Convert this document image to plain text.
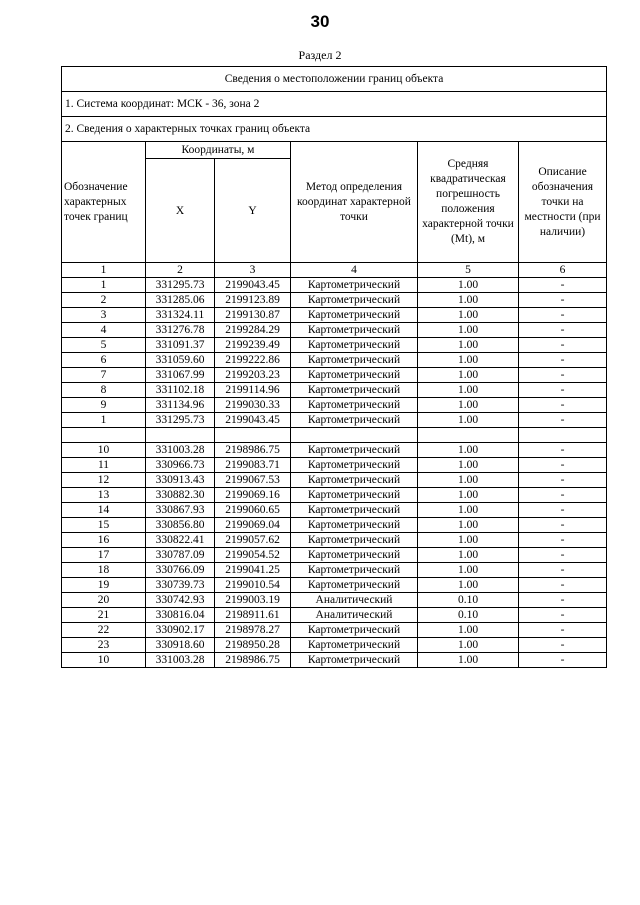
30
Раздел 2
Сведения о местоположении границ объекта					
1. Система координат: МСК - 36, зона 2					
2. Сведения о характерных точках границ объекта					
Обозначение характерных точек границ	Координаты, м		Метод определения координат характерной точки	Средняя квадратическая погрешность положения характерной точки (Mt), м	Описание обозначения точки на местности (при наличии)
	X	Y			
1	2	3	4	5	6
1	331295.73	2199043.45	Картометрический	1.00	-
2	331285.06	2199123.89	Картометрический	1.00	-
3	331324.11	2199130.87	Картометрический	1.00	-
4	331276.78	2199284.29	Картометрический	1.00	-
5	331091.37	2199239.49	Картометрический	1.00	-
6	331059.60	2199222.86	Картометрический	1.00	-
7	331067.99	2199203.23	Картометрический	1.00	-
8	331102.18	2199114.96	Картометрический	1.00	-
9	331134.96	2199030.33	Картометрический	1.00	-
1	331295.73	2199043.45	Картометрический	1.00	-

10	331003.28	2198986.75	Картометрический	1.00	-
11	330966.73	2199083.71	Картометрический	1.00	-
12	330913.43	2199067.53	Картометрический	1.00	-
13	330882.30	2199069.16	Картометрический	1.00	-
14	330867.93	2199060.65	Картометрический	1.00	-
15	330856.80	2199069.04	Картометрический	1.00	-
16	330822.41	2199057.62	Картометрический	1.00	-
17	330787.09	2199054.52	Картометрический	1.00	-
18	330766.09	2199041.25	Картометрический	1.00	-
19	330739.73	2199010.54	Картометрический	1.00	-
20	330742.93	2199003.19	Аналитический	0.10	-
21	330816.04	2198911.61	Аналитический	0.10	-
22	330902.17	2198978.27	Картометрический	1.00	-
23	330918.60	2198950.28	Картометрический	1.00	-
10	331003.28	2198986.75	Картометрический	1.00	-
